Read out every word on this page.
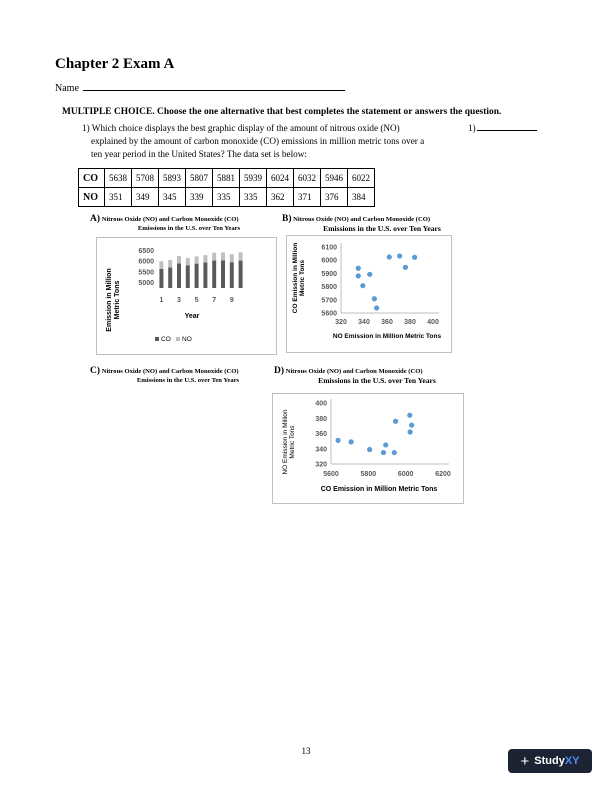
Chapter 2 Exam A
Name
MULTIPLE CHOICE. Choose the one alternative that best completes the statement or answers the question.
1) Which choice displays the best graphic display of the amount of nitrous oxide (NO)
explained by the amount of carbon monoxide (CO) emissions in million metric tons over a
ten year period in the United States? The data set is below:
1)
CO	5638	5708	5893	5807	5881	5939	6024	6032	5946	6022
NO	351	349	345	339	335	335	362	371	376	384
A) Nitrous Oxide (NO) and Carbon Monoxide (CO)
Emissions in the U.S. over Ten Years
Emission in Million Metric Tons	Year
5000
5500
6000
6500
1 3 5 7 9
CO NO
B) Nitrous Oxide (NO) and Carbon Monoxide (CO)
Emissions in the U.S. over Ten Years
CO Emission in Million Metric Tons
NO Emission in Million Metric Tons
5600
5700
5800
5900
6000
6100
320 340 360 380 400
C) Nitrous Oxide (NO) and Carbon Monoxide (CO)
Emissions in the U.S. over Ten Years
D) Nitrous Oxide (NO) and Carbon Monoxide (CO)
Emissions in the U.S. over Ten Years
NO Emission in Million Metric Tons
CO Emission in Million Metric Tons
320
340
360
380
400
5600	5800	6000	6200
13
+ Study XY
